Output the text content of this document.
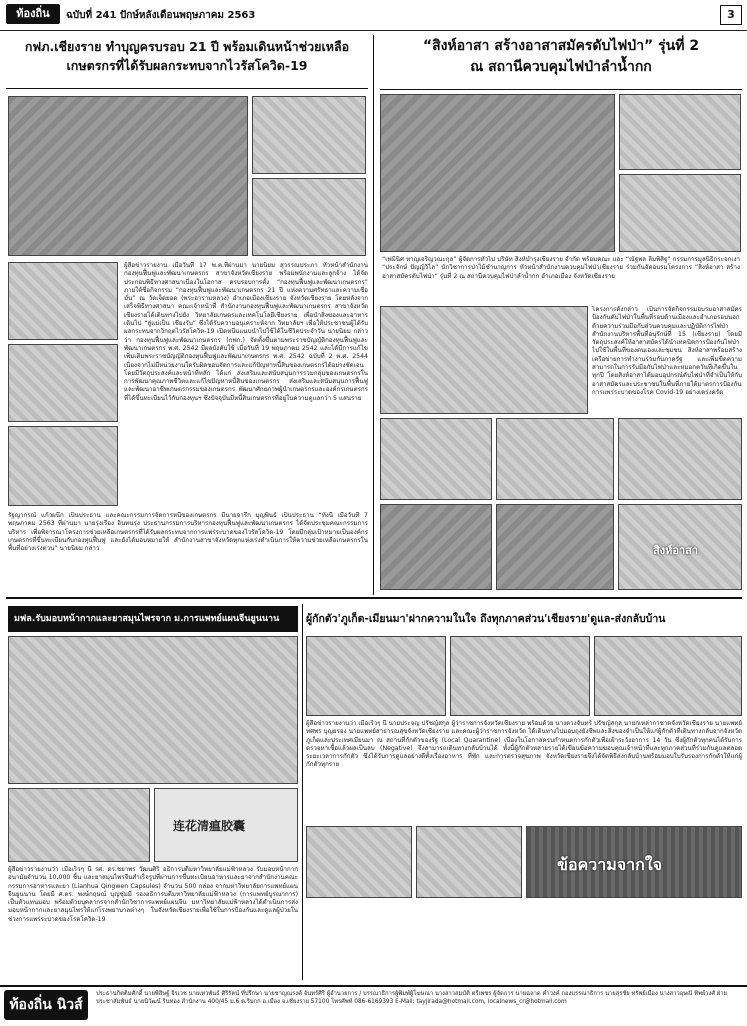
ท้องถิ่น	ฉบับที่ 241 ปักษ์หลังเดือนพฤษภาคม 2563	3
กฟภ.เชียงราย ทำบุญครบรอบ 21 ปี พร้อมเดินหน้าช่วยเหลือ
เกษตรกรที่ได้รับผลกระทบจากไวรัสโควิด-19
ผู้สื่อข่าวรายงาน เมื่อวันที่ 17 พ.ค.ที่ผ่านมา นายนิยม สุวรรณประภา หัวหน้าสำนักงานกองทุนฟื้นฟูและพัฒนาเกษตรกร สาขาจังหวัดเชียงราย พร้อมพนักงานและลูกจ้าง ได้จัดประกอบพิธีทางศาสนาเนื่องในโอกาส ครบรอบการตั้ง “กองทุนฟื้นฟูและพัฒนาเกษตรกร” ภายใต้ชื่อกิจกรรม “กองทุนฟื้นฟูและพัฒนาเกษตรกร 21 ปี แห่งความศรัทธาและความเชื่อมั่น” ณ วัดเจ็ดยอด (พระอารามหลวง) อำเภอเมืองเชียงราย จังหวัดเชียงราย โดยหลังจากเสร็จพิธีทางศาสนา คณะเจ้าหน้าที่ สำนักงานกองทุนฟื้นฟูและพัฒนาเกษตรกร สาขาจังหวัดเชียงรายได้เดินทางไปยัง วิทยาลัยเกษตรและเทคโนโลยีเชียงราย เพื่อนำสิ่งของและอาหาร เดินไป “สู่แม่เป็น เชียงรับ” ซึ่งได้รับความอนุเคราะห์จาก วิทยาลัยฯ เพื่อให้ประชาชนผู้ได้รับผลกระทบจากวิกฤตไวรัสโควิด-19 เปิดหนีบแนบนำไปใช้ได้ในชีวิตประจำวัน นายนิยม กล่าวว่า กองทุนฟื้นฟูและพัฒนาเกษตรกร (กฟก.) จัดตั้งขึ้นตามพระราชบัญญัติกองทุนฟื้นฟูและพัฒนาเกษตรกร พ.ศ. 2542 มีผลบังคับใช้ เมื่อวันที่ 19 พฤษภาคม 2542 และได้มีการแก้ไขเพิ่มเติมพระราชบัญญัติกองทุนฟื้นฟูและพัฒนาเกษตรกร พ.ศ. 2542 ฉบับที่ 2 พ.ศ. 2544 เนื่องจากไม่มีหน่วยงานใดรับผิดชอบจัดการและแก้ปัญหาหนี้สินของเกษตรกรได้อย่างชัดเจน โดยมีวัตถุประสงค์และหน้าที่หลัก ได้แก่ ส่งเสริมและสนับสนุนการรวมกลุ่มของเกษตรกรในการพัฒนาคุณภาพชีวิตและแก้ไขปัญหาหนี้สินของเกษตรกร ส่งเสริมและสนับสนุนการฟื้นฟูและพัฒนาอาชีพเกษตรกรรมของเกษตรกร พัฒนาศักยภาพผู้นำเกษตรกรและองค์กรเกษตรกรที่ได้ขึ้นทะเบียนไว้กับกองทุนฯ ซึ่งปัจจุบันมีหนี้สินเกษตรกรที่อยู่ในความดูแลกว่า 5 แสนราย
รัฐญากรณ์ แก้วผนึก เป็นประธาน และคณะกรรมการจัดการหนี้ของเกษตรกร มีนายจารึก บุญพินธ์ เป็นประธาน “ทั้งนี้ เมื่อวันที่ 7 พฤษภาคม 2563 ที่ผ่านมา นายรุ่งเรือง อินทนรุ่ง ประธานกรรมการบริหารกองทุนฟื้นฟูและพัฒนาเกษตรกร ได้จัดประชุมคณะกรรมการบริหาร เพื่อพิจารณาโครงการช่วยเหลือเกษตรกรที่ได้รับผลกระทบจากการแพร่ระบาดของไวรัสโควิด-19 โดยมีกลุ่มเป้าหมายเป็นองค์กรเกษตรกรที่ขึ้นทะเบียนกับกองทุนฟื้นฟู และยังได้มอบหมายให้ สำนักงานสาขาจังหวัดทุกแห่งเร่งดำเนินการให้ความช่วยเหลือเกษตรกรในพื้นที่อย่างเร่งด่วน” นายนิยม กล่าว
“สิงห์อาสา สร้างอาสาสมัครดับไฟป่า” รุ่นที่ 2
ณ สถานีควบคุมไฟป่าลำน้ำกก
“เฟมินิศ หาญเจริญวณะกุล” ผู้จัดการทั่วไป บริษัท สิงห์บำรุงเชียงราย จำกัด พร้อมคณะ และ “ณัฐพล ลิ้มพิสิฐ” กรรมการมูลนิธิกระจกเงา “ประจักษ์ ปัญญ์วิไล” นักวิชาการป่าไม้ชำนาญการ หัวหน้าสำนักงานควบคุมไฟป่าเชียงราย ร่วมกันจัดอบรมโครงการ “สิงห์อาสา สร้างอาสาสมัครดับไฟป่า” รุ่นที่ 2 ณ สถานีควบคุมไฟป่าลำน้ำกก อำเภอเมือง จังหวัดเชียงราย
โครงการดังกล่าว เป็นการจัดกิจกรรมอบรมอาสาสมัครป้องกันดับไฟป่าในพื้นที่รอบด้านเมืองและอำเภอรอบนอก ด้วยความร่วมมือกับส่วนควบคุมและปฏิบัติการไฟป่า สำนักงานบริหารพื้นที่อนุรักษ์ที่ 15 (เชียงราย) โดยมีวัตถุประสงค์ให้อาสาสมัครได้นำเทคนิคการป้องกันไฟป่าไปใช้ในพื้นที่ของตนเองและชุมชน สิงห์อาสาพร้อมสร้างเครือข่ายการทำงานร่วมกับภาครัฐ และเพิ่มขีดความสามารถในการรับมือกับไฟป่าและหมอกควันที่เกิดขึ้นในทุกปี โดยสิงห์อาสาได้มอบอุปกรณ์ดับไฟป่าที่จำเป็นให้กับอาสาสมัครและประชาชนในพื้นที่ภายใต้มาตรการป้องกันการแพร่ระบาดของโรค Covid-19 อย่างเคร่งครัด
สิงห์อาสา
มฟล.รับมอบหน้ากากและยาสมุนไพรจาก ม.การแพทย์แผนจีนยูนนาน
连花清瘟胶囊
ผู้สื่อข่าวรายงานว่า เมื่อเร็วๆ นี้ รศ. ดร.ชยาพร วัฒนศิริ อธิการบดีมหาวิทยาลัยแม่ฟ้าหลวง รับมอบหน้ากากอนามัยจำนวน 10,000 ชิ้น และยาสมุนไพรจีนสำเร็จรูปที่ผ่านการขึ้นทะเบียนอาหารและยาจากสำนักงานคณะกรรมการอาหารและยา (Lianhua Qingwen Capsules) จำนวน 500 กล่อง จากมหาวิทยาลัยการแพทย์แผนจีนยูนนาน โดยมี ศ.ดร. พงษ์กฤษณ์ บุญชุ่มมี รองอธิการบดีมหาวิทยาลัยแม่ฟ้าหลวง (การแพทย์บูรณาการ) เป็นตัวแทนมอบ พร้อมด้วยบุคลากรจากสำนักวิชาการแพทย์แผนจีน มหาวิทยาลัยแม่ฟ้าหลวงได้ดำเนินการส่งมอบหน้ากากและยาสมุนไพรให้แก่โรงพยาบาลต่างๆ ในจังหวัดเชียงรายเพื่อใช้ในการป้องกันและดูแลผู้ป่วยในช่วงการแพร่ระบาดของโรคโควิด-19
ผู้กักตัว'ภูเก็ต-เมียนมา'ฝากความในใจ ถึงทุกภาคส่วน'เชียงราย'ดูแล-ส่งกลับบ้าน
ผู้สื่อข่าวรายงานว่า เมื่อเร็วๆ นี้ นายประจญ ปรัชญ์สกุล ผู้ว่าราชการจังหวัดเชียงราย พร้อมด้วย นางดวงจันทร์ ปรัชญ์สกุล นายกเหล่ากาชาดจังหวัดเชียงราย นายแพทย์ทศพร บุญยรอง นายแพทย์สาธารณสุขจังหวัดเชียงราย และคณะผู้ว่าราชการจังหวัด ได้เดินทางไปมอบถุงยังชีพและสิ่งของจำเป็นให้แก่ผู้กักตัวที่เดินทางกลับจากจังหวัดภูเก็ตและประเทศเมียนมา ณ สถานที่กักตัวของรัฐ (Local Quarantine) เนื่องในโอกาสครบกำหนดการกักตัวเพื่อเฝ้าระวังอาการ 14 วัน ซึ่งผู้กักตัวทุกคนได้รับการตรวจหาเชื้อแล้วผลเป็นลบ (Negative) จึงสามารถเดินทางกลับบ้านได้ ทั้งนี้ผู้กักตัวหลายรายได้เขียนข้อความขอบคุณเจ้าหน้าที่และทุกภาคส่วนที่ร่วมกันดูแลตลอดระยะเวลาการกักตัว ซึ่งได้รับการดูแลอย่างดีทั้งเรื่องอาหาร ที่พัก และการตรวจสุขภาพ จังหวัดเชียงรายจึงได้จัดพิธีส่งกลับบ้านพร้อมมอบใบรับรองการกักตัวให้แก่ผู้กักตัวทุกราย
ข้อความจากใจ
ท้องถิ่น นิวส์
ประธานกิตติมศักดิ์ นายพิสิษฐ์ จิรเวช นายเทวพันธ์ ศิริรัตน์ ที่ปรึกษา นายชาญณรงค์ จันทร์ศิริ ผู้อำนวยการ / บรรณาธิการผู้พิมพ์ผู้โฆษณา นางสาวสมบัติ ตรีเพชร ผู้จัดการ นายฉลาด คำวงค์ กองบรรณาธิการ นายสุรชัย ทรัพย์เมือง นางสาวอุษณี ทิพย์วงศ์ ฝ่ายประชาสัมพันธ์ นายนิวัฒน์ รินทอง สำนักงาน 400/45 ม.6 ต.ริมกก อ.เมือง จ.เชียงราย 57100 โทรศัพท์ 086-6169393 E-Mail: tayjirada@hotmail.com, localnews_cr@hotmail.com
